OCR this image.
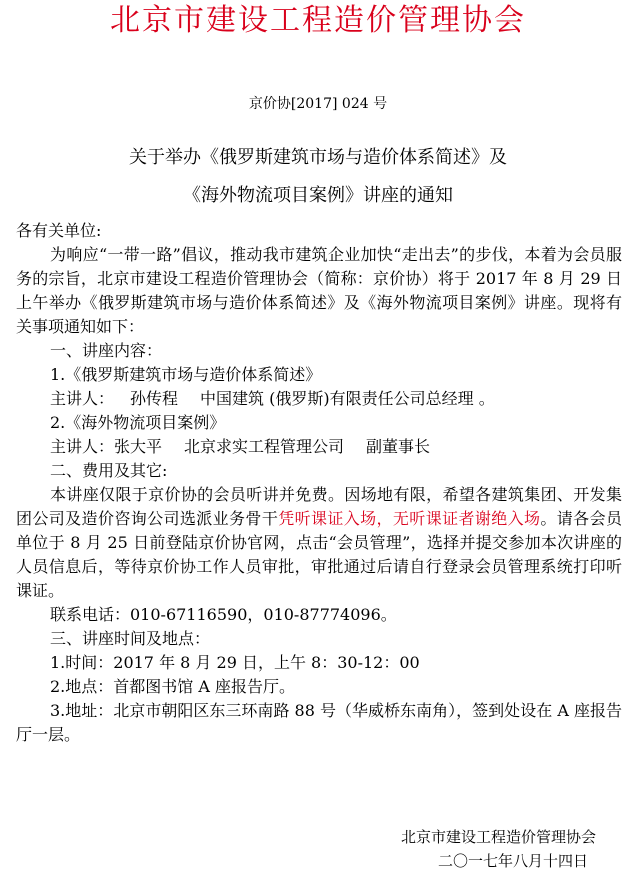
北京市建设工程造价管理协会
京价协[2017] 024 号
关于举办《俄罗斯建筑市场与造价体系简述》及
《海外物流项目案例》讲座的通知

各有关单位:

为响应“一带一路”倡议，推动我市建筑企业加快“走出去”的步伐，本着为会员服务的宗旨，北京市建设工程造价管理协会（简称：京价协）将于 2017 年 8 月 29 日上午举办《俄罗斯建筑市场与造价体系简述》及《海外物流项目案例》讲座。现将有关事项通知如下：

一、讲座内容：

1.《俄罗斯建筑市场与造价体系简述》

主讲人： 孙传程 中国建筑 (俄罗斯)有限责任公司总经理 。

2.《海外物流项目案例》

主讲人：张大平 北京求实工程管理公司 副董事长

二、费用及其它:

本讲座仅限于京价协的会员听讲并免费。因场地有限，希望各建筑集团、开发集团公司及造价咨询公司选派业务骨干凭听课证入场，无听课证者谢绝入场。请各会员单位于 8 月 25 日前登陆京价协官网，点击“会员管理”，选择并提交参加本次讲座的人员信息后，等待京价协工作人员审批，审批通过后请自行登录会员管理系统打印听课证。

联系电话：010-67116590，010-87774096。

三、讲座时间及地点：

1.时间：2017 年 8 月 29 日，上午 8：30-12：00

2.地点：首都图书馆 A 座报告厅。

3.地址：北京市朝阳区东三环南路 88 号（华威桥东南角），签到处设在 A 座报告厅一层。

北京市建设工程造价管理协会
二〇一七年八月十四日
